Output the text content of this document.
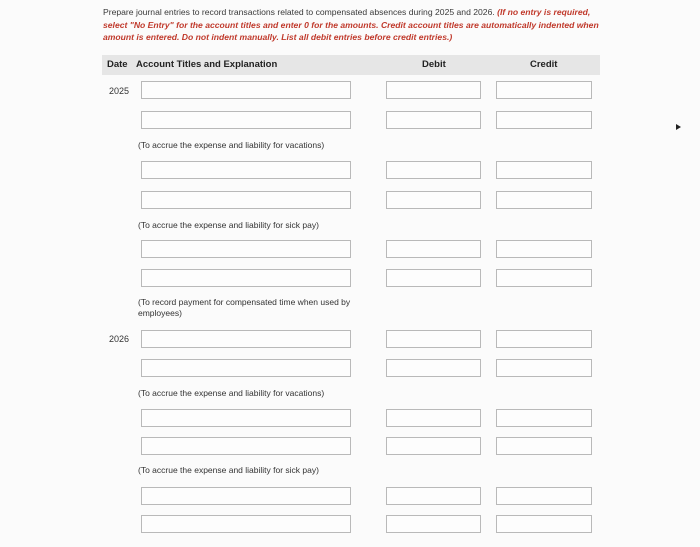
Prepare journal entries to record transactions related to compensated absences during 2025 and 2026. (If no entry is required, select "No Entry" for the account titles and enter 0 for the amounts. Credit account titles are automatically indented when amount is entered. Do not indent manually. List all debit entries before credit entries.)
Date Account Titles and Explanation	Debit	Credit
2025
(To accrue the expense and liability for vacations)
(To accrue the expense and liability for sick pay)
(To record payment for compensated time when used by employees)
2026
(To accrue the expense and liability for vacations)
(To accrue the expense and liability for sick pay)
